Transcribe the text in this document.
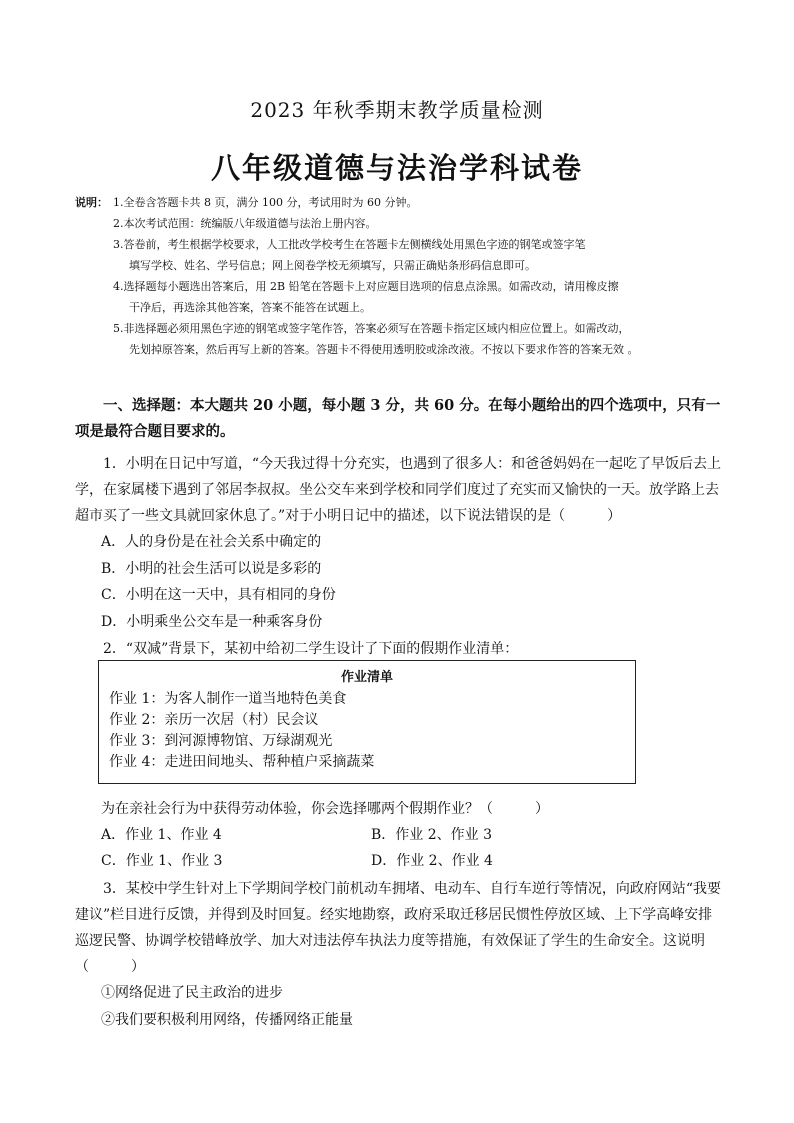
2023 年秋季期末教学质量检测
八年级道德与法治学科试卷
说明： 1.全卷含答题卡共 8 页，满分 100 分，考试用时为 60 分钟。
2.本次考试范围：统编版八年级道德与法治上册内容。
3.答卷前，考生根据学校要求，人工批改学校考生在答题卡左侧横线处用黑色字迹的钢笔或签字笔
填写学校、姓名、学号信息；网上阅卷学校无须填写，只需正确贴条形码信息即可。
4.选择题每小题选出答案后，用 2B 铅笔在答题卡上对应题目选项的信息点涂黑。如需改动，请用橡皮擦
干净后，再选涂其他答案，答案不能答在试题上。
5.非选择题必须用黑色字迹的钢笔或签字笔作答，答案必须写在答题卡指定区域内相应位置上。如需改动，
先划掉原答案，然后再写上新的答案。答题卡不得使用透明胶或涂改液。不按以下要求作答的答案无效 。
一、选择题：本大题共 20 小题，每小题 3 分，共 60 分。在每小题给出的四个选项中，只有一项是最符合题目要求的。
1．小明在日记中写道，“今天我过得十分充实，也遇到了很多人：和爸爸妈妈在一起吃了早饭后去上学，在家属楼下遇到了邻居李叔叔。坐公交车来到学校和同学们度过了充实而又愉快的一天。放学路上去超市买了一些文具就回家休息了。”对于小明日记中的描述，以下说法错误的是（　　　）
A．人的身份是在社会关系中确定的
B．小明的社会生活可以说是多彩的
C．小明在这一天中，具有相同的身份
D．小明乘坐公交车是一种乘客身份
2．“双减”背景下，某初中给初二学生设计了下面的假期作业清单：
作业清单
作业 1：为客人制作一道当地特色美食
作业 2：亲历一次居（村）民会议
作业 3：到河源博物馆、万绿湖观光
作业 4：走进田间地头、帮种植户采摘蔬菜
为在亲社会行为中获得劳动体验，你会选择哪两个假期作业？（　　　）
A．作业 1、作业 4	B．作业 2、作业 3
C．作业 1、作业 3	D．作业 2、作业 4
3．某校中学生针对上下学期间学校门前机动车拥堵、电动车、自行车逆行等情况，向政府网站“我要建议”栏目进行反馈，并得到及时回复。经实地勘察，政府采取迁移居民惯性停放区域、上下学高峰安排巡逻民警、协调学校错峰放学、加大对违法停车执法力度等措施，有效保证了学生的生命安全。这说明（　　　）
①网络促进了民主政治的进步
②我们要积极利用网络，传播网络正能量
